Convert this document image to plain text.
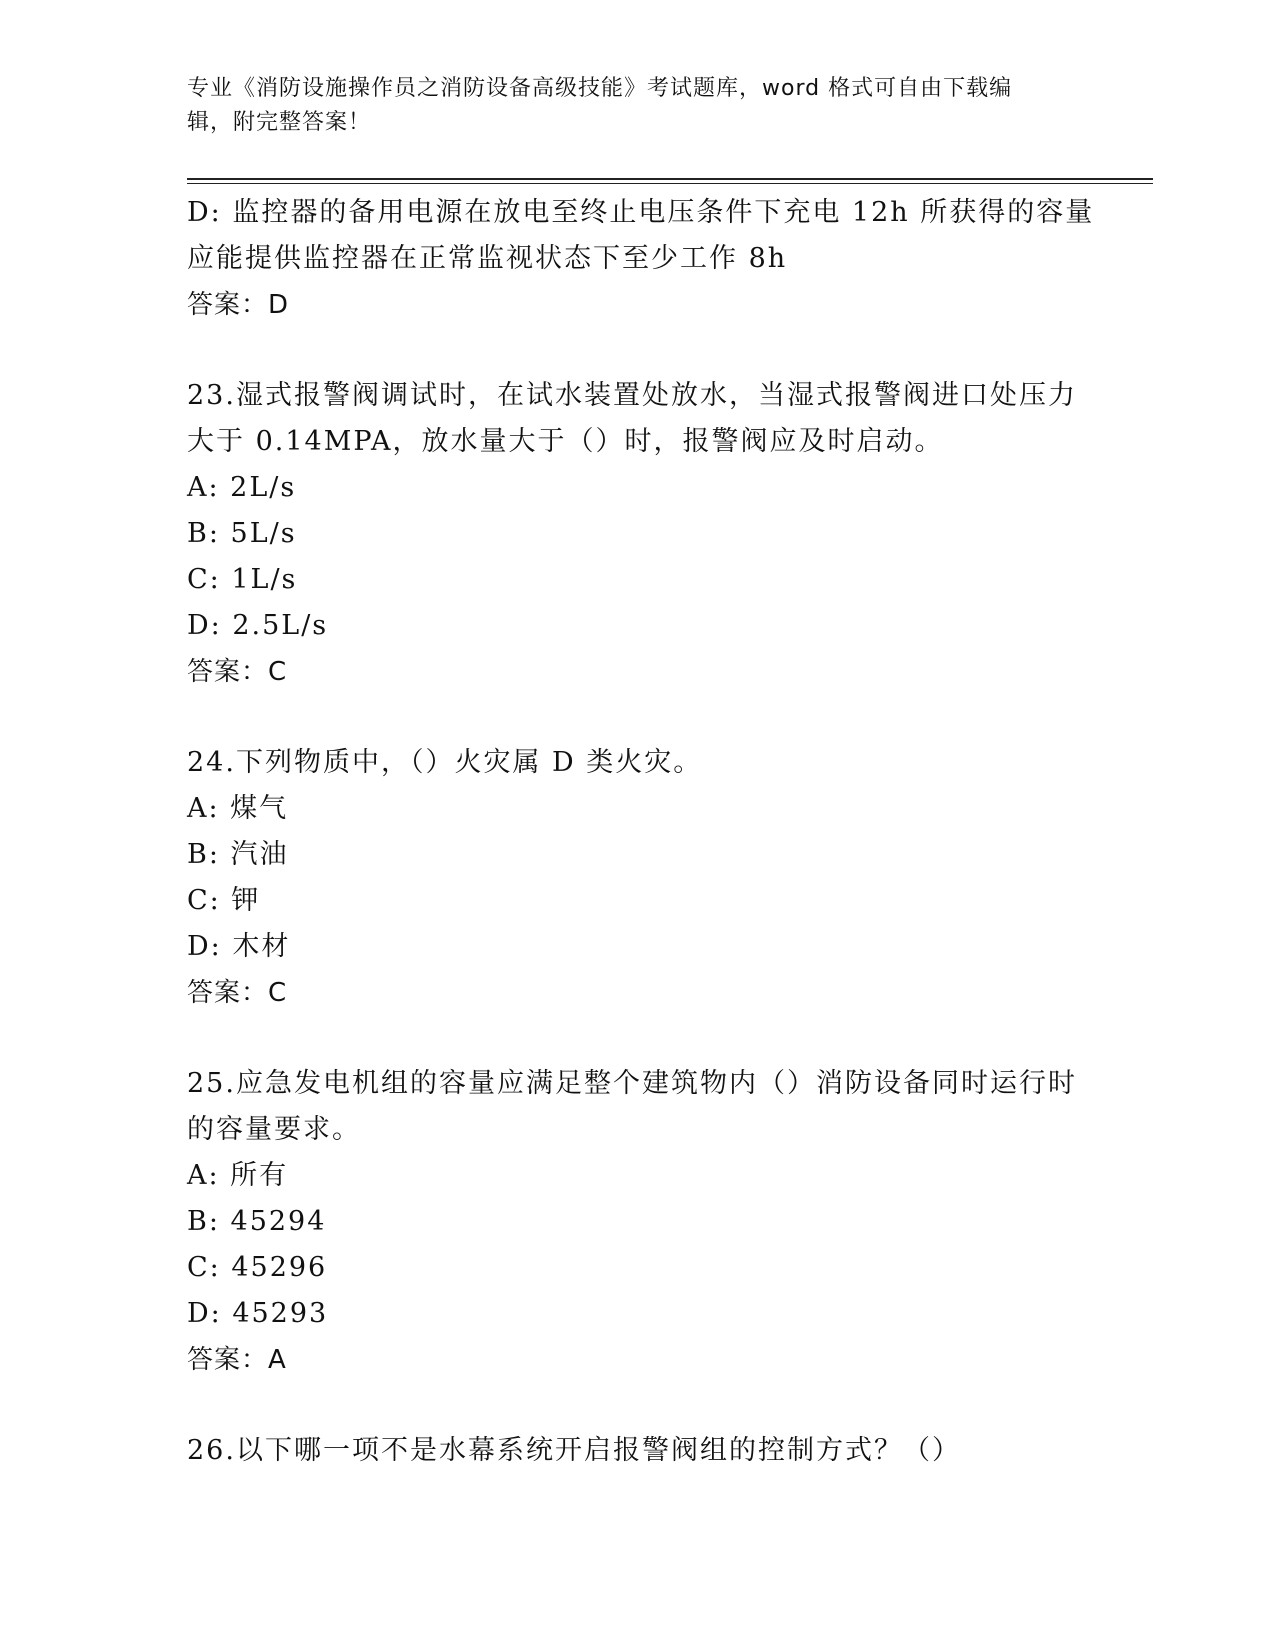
专业《消防设施操作员之消防设备高级技能》考试题库，word 格式可自由下载编
辑，附完整答案！
D: 监控器的备用电源在放电至终止电压条件下充电 12h 所获得的容量
应能提供监控器在正常监视状态下至少工作 8h
答案：D
23.湿式报警阀调试时，在试水装置处放水，当湿式报警阀进口处压力
大于 0.14MPA，放水量大于（）时，报警阀应及时启动。
A: 2L/s
B: 5L/s
C: 1L/s
D: 2.5L/s
答案：C
24.下列物质中，（）火灾属 D 类火灾。
A: 煤气
B: 汽油
C: 钾
D: 木材
答案：C
25.应急发电机组的容量应满足整个建筑物内（）消防设备同时运行时
的容量要求。
A: 所有
B: 45294
C: 45296
D: 45293
答案：A
26.以下哪一项不是水幕系统开启报警阀组的控制方式？（）
